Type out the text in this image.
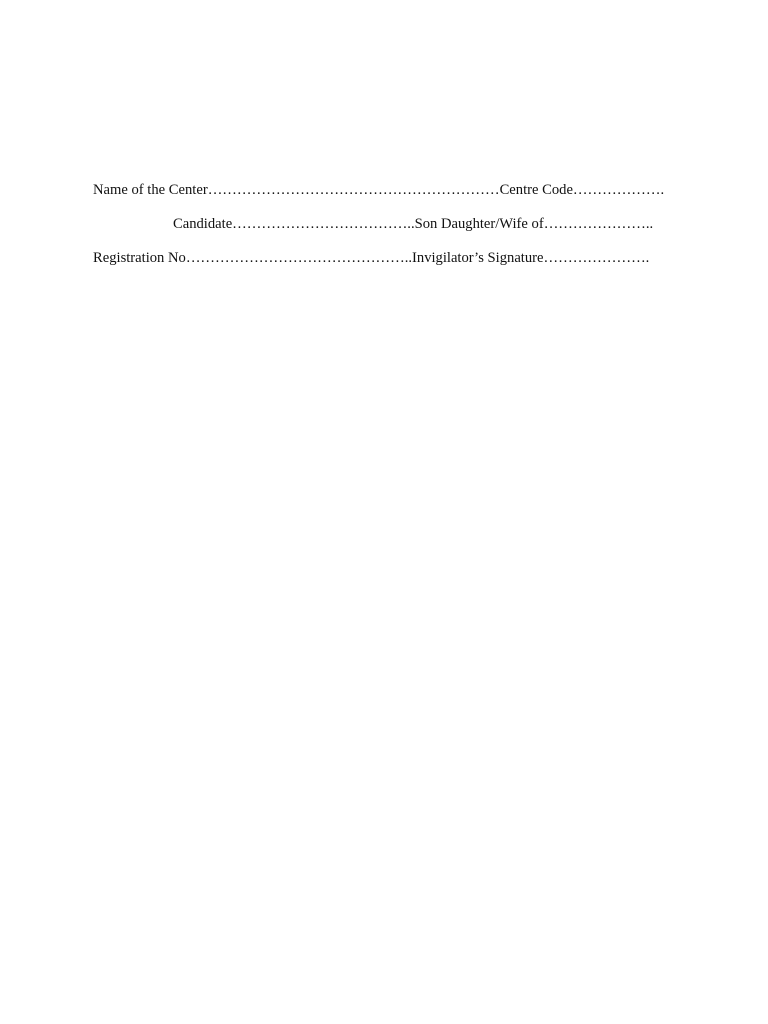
Name of the Center……………………………………………………Centre Code……………….
Candidate………………………………..Son Daughter/Wife of…………………..
Registration No………………………………………..Invigilator’s Signature………………….
